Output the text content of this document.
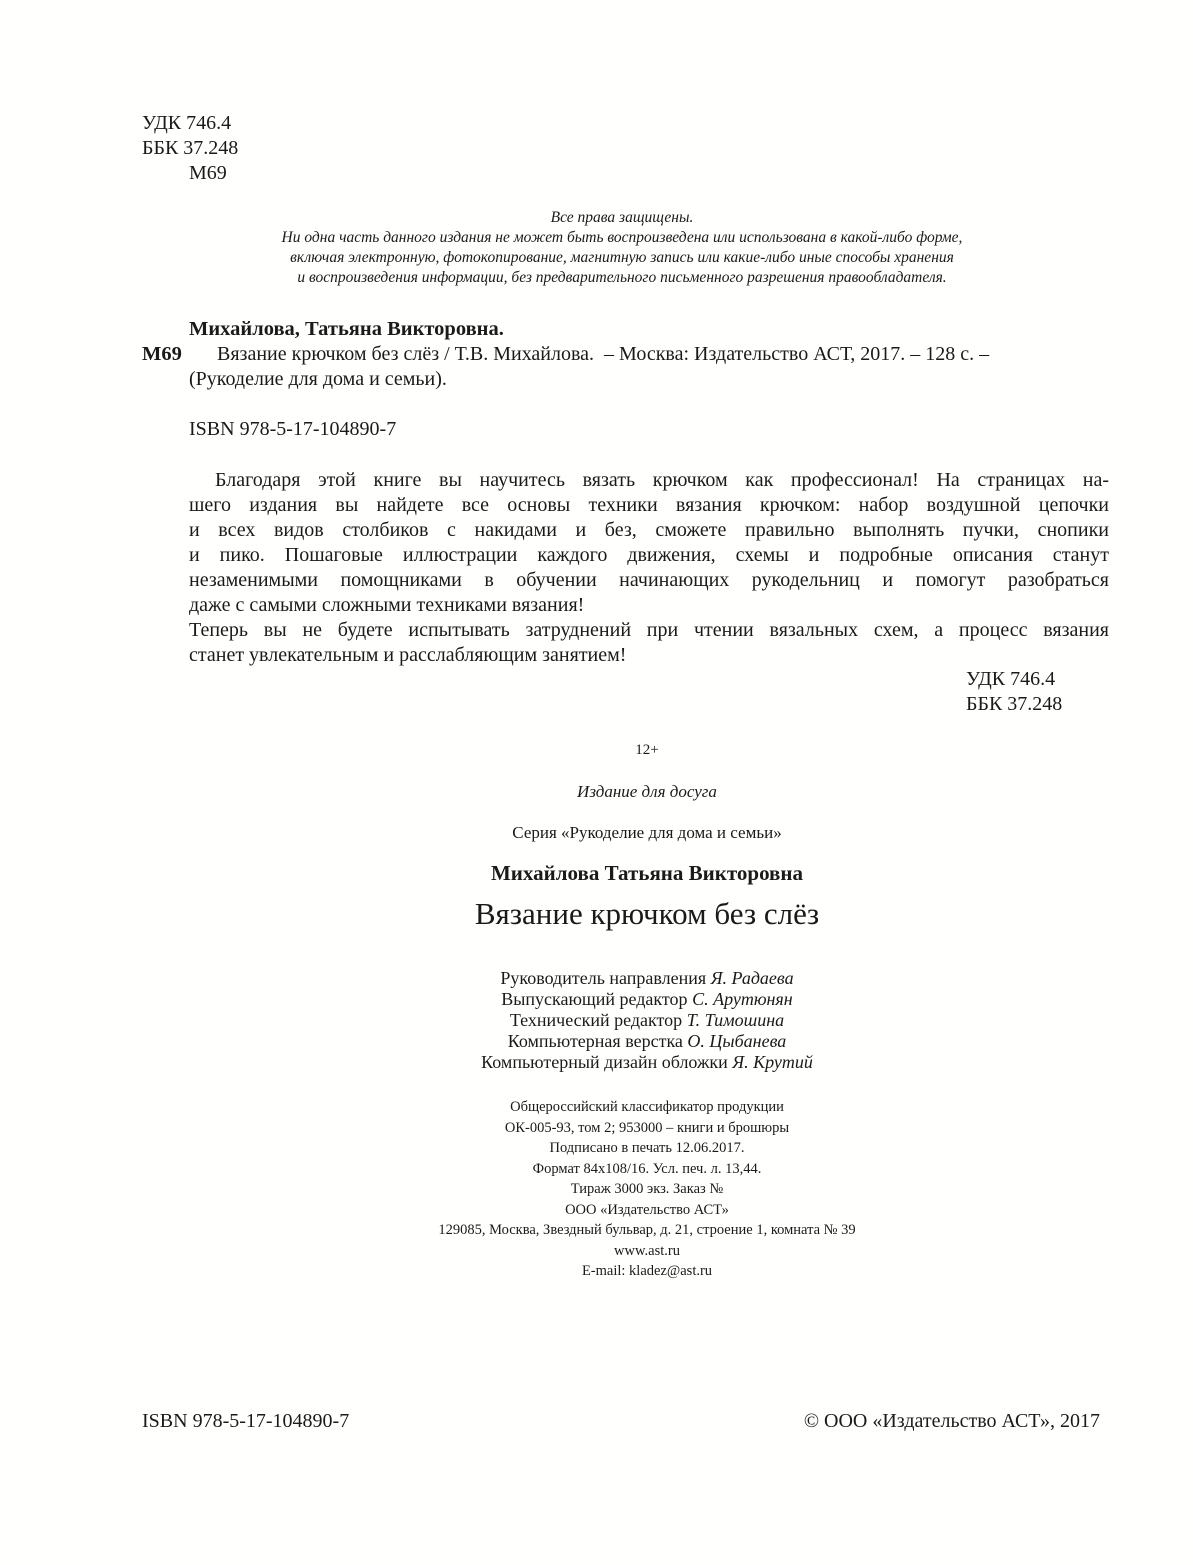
УДК 746.4
ББК 37.248
М69
Все права защищены.
Ни одна часть данного издания не может быть воспроизведена или использована в какой-либо форме,
включая электронную, фотокопирование, магнитную запись или какие-либо иные способы хранения
и воспроизведения информации, без предварительного письменного разрешения правообладателя.
Михайлова, Татьяна Викторовна.
М69 Вязание крючком без слёз / Т.В. Михайлова.  – Москва: Издательство АСТ, 2017. – 128 с. –
(Рукоделие для дома и семьи).
ISBN 978-5-17-104890-7
Благодаря этой книге вы научитесь вязать крючком как профессионал! На страницах на-
шего издания вы найдете все основы техники вязания крючком: набор воздушной цепочки
и всех видов столбиков с накидами и без, сможете правильно выполнять пучки, снопики
и пико. Пошаговые иллюстрации каждого движения, схемы и подробные описания станут
незаменимыми помощниками в обучении начинающих рукодельниц и помогут разобраться
даже с самыми сложными техниками вязания!
Теперь вы не будете испытывать затруднений при чтении вязальных схем, а процесс вязания
станет увлекательным и расслабляющим занятием!
УДК 746.4
ББК 37.248
12+
Издание для досуга
Серия «Рукоделие для дома и семьи»
Михайлова Татьяна Викторовна
Вязание крючком без слёз
Руководитель направления Я. Радаева
Выпускающий редактор С. Арутюнян
Технический редактор Т. Тимошина
Компьютерная верстка О. Цыбанева
Компьютерный дизайн обложки Я. Крутий
Общероссийский классификатор продукции
ОК-005-93, том 2; 953000 – книги и брошюры
Подписано в печать 12.06.2017.
Формат 84х108/16. Усл. печ. л. 13,44.
Тираж 3000 экз. Заказ №
ООО «Издательство АСТ»
129085, Москва, Звездный бульвар, д. 21, строение 1, комната № 39
www.ast.ru
E-mail: kladez@ast.ru
ISBN 978-5-17-104890-7	© ООО «Издательство АСТ», 2017
